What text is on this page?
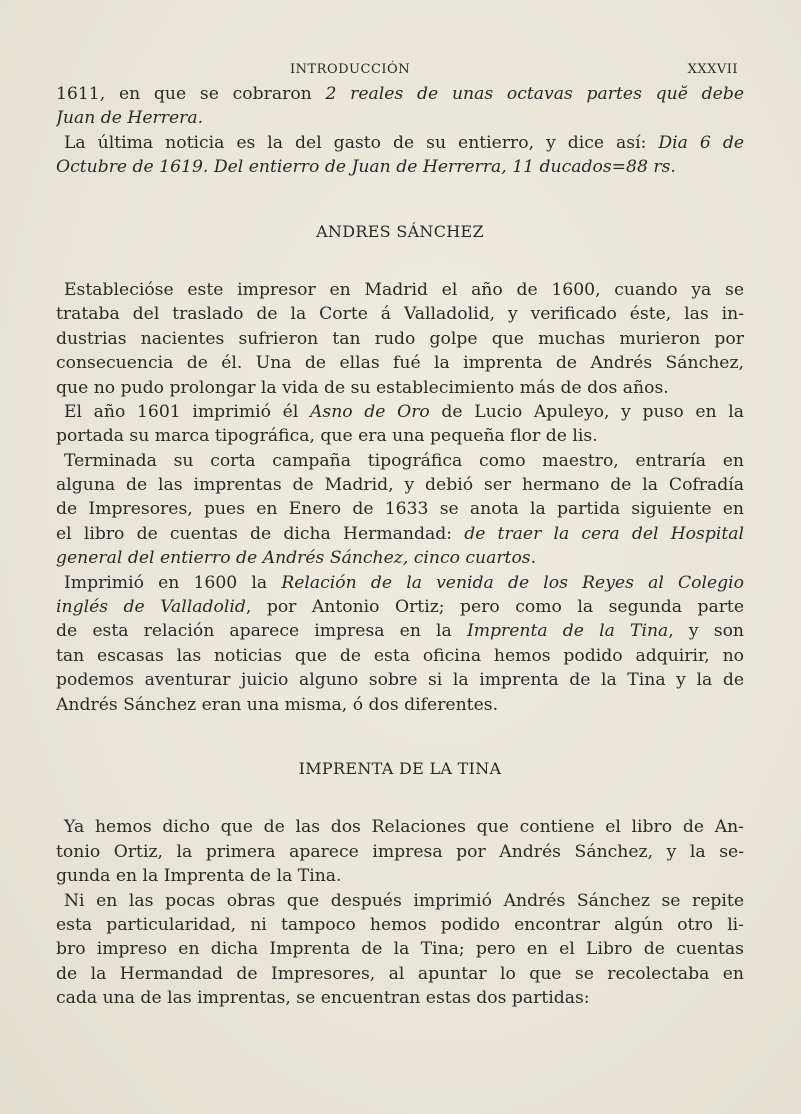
INTRODUCCIÓN	XXXVII
1611, en que se cobraron 2 reales de unas octavas partes quĕ debe
Juan de Herrera.
La última noticia es la del gasto de su entierro, y dice así: Dia 6 de
Octubre de 1619. Del entierro de Juan de Herrerra, 11 ducados=88 rs.
ANDRES SÁNCHEZ
Establecióse este impresor en Madrid el año de 1600, cuando ya se
trataba del traslado de la Corte á Valladolid, y verificado éste, las in-
dustrias nacientes sufrieron tan rudo golpe que muchas murieron por
consecuencia de él. Una de ellas fué la imprenta de Andrés Sánchez,
que no pudo prolongar la vida de su establecimiento más de dos años.
El año 1601 imprimió él Asno de Oro de Lucio Apuleyo, y puso en la
portada su marca tipográfica, que era una pequeña flor de lis.
Terminada su corta campaña tipográfica como maestro, entraría en
alguna de las imprentas de Madrid, y debió ser hermano de la Cofradía
de Impresores, pues en Enero de 1633 se anota la partida siguiente en
el libro de cuentas de dicha Hermandad: de traer la cera del Hospital
general del entierro de Andrés Sánchez, cinco cuartos.
Imprimió en 1600 la Relación de la venida de los Reyes al Colegio
inglés de Valladolid, por Antonio Ortiz; pero como la segunda parte
de esta relación aparece impresa en la Imprenta de la Tina, y son
tan escasas las noticias que de esta oficina hemos podido adquirir, no
podemos aventurar juicio alguno sobre si la imprenta de la Tina y la de
Andrés Sánchez eran una misma, ó dos diferentes.
IMPRENTA DE LA TINA
Ya hemos dicho que de las dos Relaciones que contiene el libro de An-
tonio Ortiz, la primera aparece impresa por Andrés Sánchez, y la se-
gunda en la Imprenta de la Tina.
Ni en las pocas obras que después imprimió Andrés Sánchez se repite
esta particularidad, ni tampoco hemos podido encontrar algún otro li-
bro impreso en dicha Imprenta de la Tina; pero en el Libro de cuentas
de la Hermandad de Impresores, al apuntar lo que se recolectaba en
cada una de las imprentas, se encuentran estas dos partidas:
